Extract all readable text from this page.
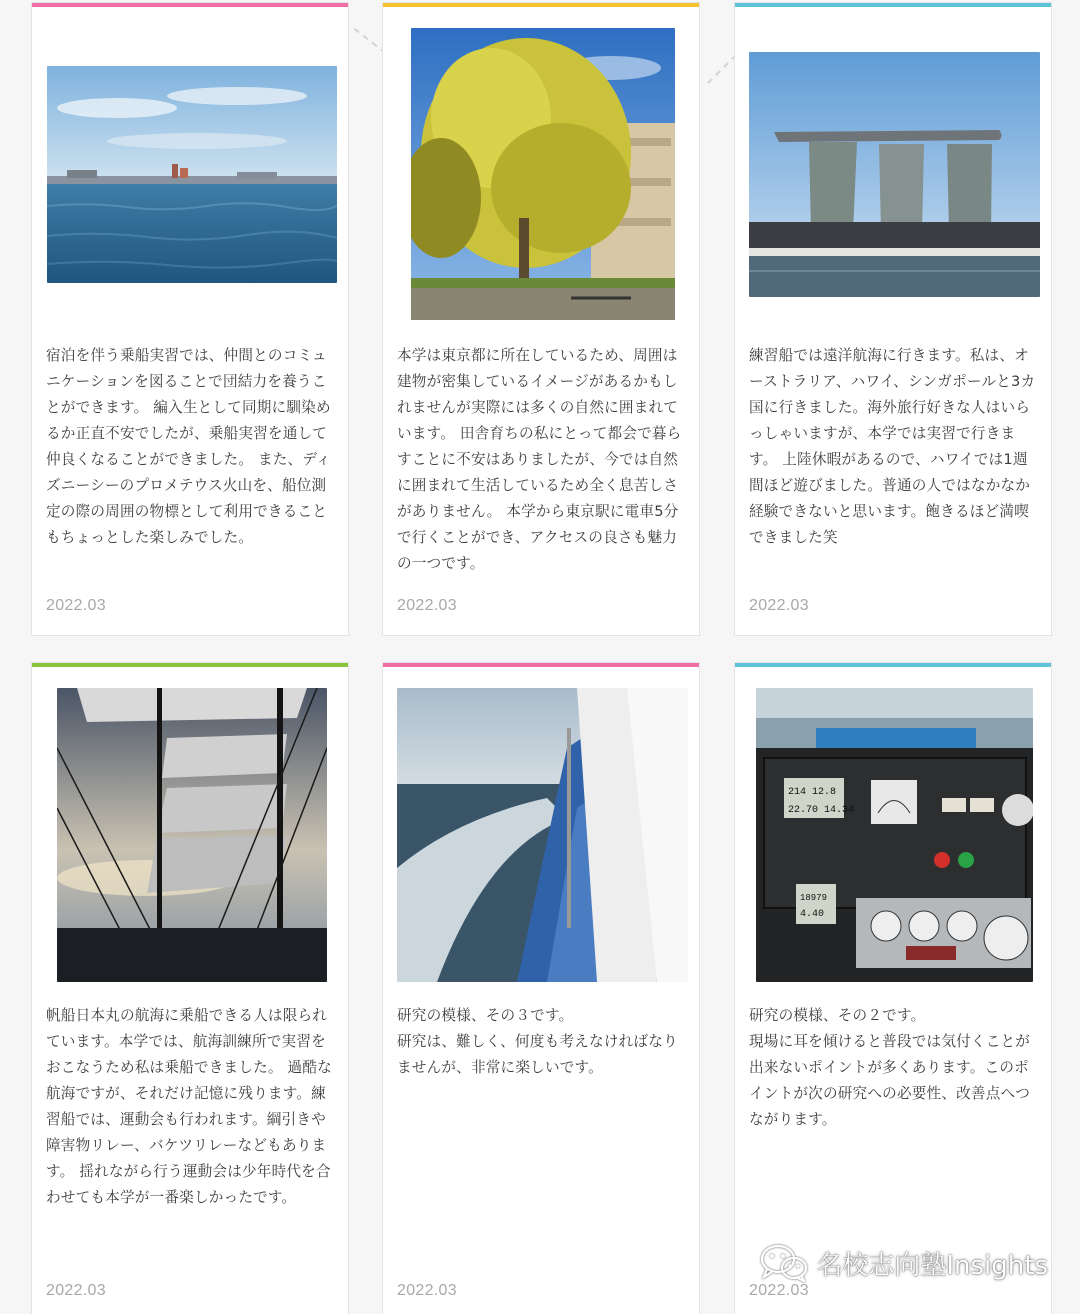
宿泊を伴う乗船実習では、仲間とのコミュニケーションを図ることで団結力を養うことができます。 編入生として同期に馴染めるか正直不安でしたが、乗船実習を通して仲良くなることができました。 また、ディズニーシーのプロメテウス火山を、船位測定の際の周囲の物標として利用できることもちょっとした楽しみでした。
2022.03
本学は東京都に所在しているため、周囲は建物が密集しているイメージがあるかもしれませんが実際には多くの自然に囲まれています。 田舎育ちの私にとって都会で暮らすことに不安はありましたが、今では自然に囲まれて生活しているため全く息苦しさがありません。 本学から東京駅に電車5分で行くことができ、アクセスの良さも魅力の一つです。
2022.03
練習船では遠洋航海に行きます。私は、オーストラリア、ハワイ、シンガポールと3カ国に行きました。海外旅行好きな人はいらっしゃいますが、本学では実習で行きます。 上陸休暇があるので、ハワイでは1週間ほど遊びました。普通の人ではなかなか経験できないと思います。飽きるほど満喫できました笑
2022.03
帆船日本丸の航海に乗船できる人は限られています。本学では、航海訓練所で実習をおこなうため私は乗船できました。 過酷な航海ですが、それだけ記憶に残ります。練習船では、運動会も行われます。綱引きや障害物リレー、バケツリレーなどもあります。 揺れながら行う運動会は少年時代を合わせても本学が一番楽しかったです。
2022.03
研究の模様、その３です。
研究は、難しく、何度も考えなければなりませんが、非常に楽しいです。
2022.03
214 12.8
22.70 14.34
18979
4.40
研究の模様、その２です。
現場に耳を傾けると普段では気付くことが出来ないポイントが多くあります。このポイントが次の研究への必要性、改善点へつながります。
2022.03
名校志向塾Insights
